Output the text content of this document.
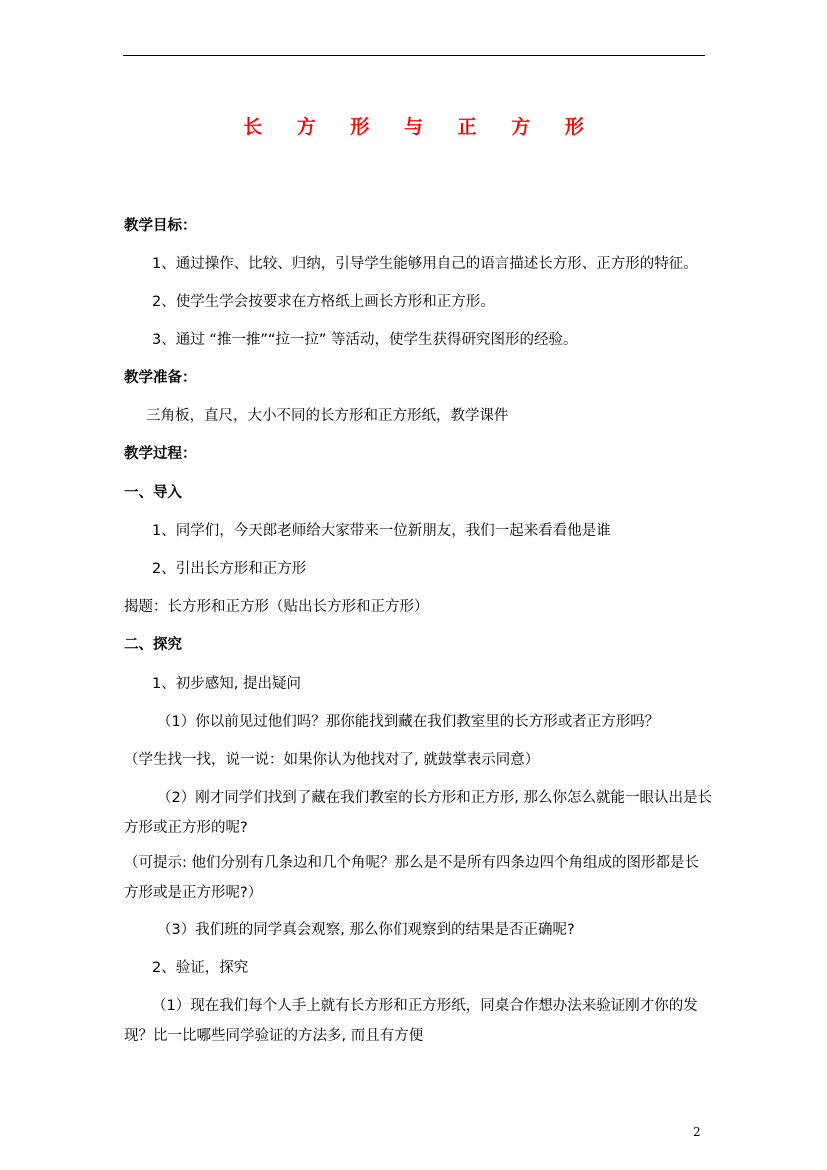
长 方 形 与 正 方 形
教学目标：
1、通过操作、比较、归纳，引导学生能够用自己的语言描述长方形、正方形的特征。
2、使学生学会按要求在方格纸上画长方形和正方形。
3、通过 “推一推”“拉一拉” 等活动，使学生获得研究图形的经验。
教学准备：
三角板，直尺，大小不同的长方形和正方形纸，教学课件
教学过程：
一、导入
1、同学们，今天郎老师给大家带来一位新朋友，我们一起来看看他是谁
2、引出长方形和正方形
揭题：长方形和正方形（贴出长方形和正方形）
二、探究
1、初步感知, 提出疑问
（1）你以前见过他们吗？那你能找到藏在我们教室里的长方形或者正方形吗？
（学生找一找，说一说：如果你认为他找对了, 就鼓掌表示同意）
（2）刚才同学们找到了藏在我们教室的长方形和正方形, 那么你怎么就能一眼认出是长
方形或正方形的呢?
（可提示: 他们分别有几条边和几个角呢？那么是不是所有四条边四个角组成的图形都是长
方形或是正方形呢?）
（3）我们班的同学真会观察, 那么你们观察到的结果是否正确呢?
2、验证，探究
（1）现在我们每个人手上就有长方形和正方形纸，同桌合作想办法来验证刚才你的发
现？比一比哪些同学验证的方法多, 而且有方便
2
